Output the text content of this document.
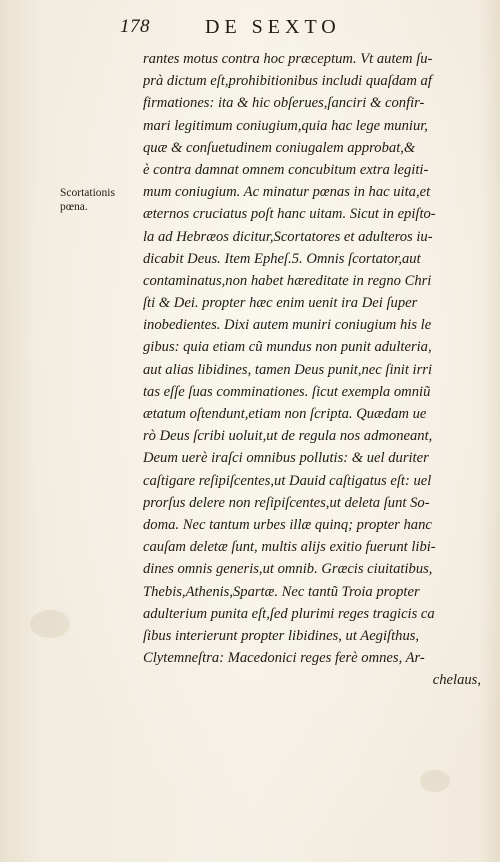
178	DE SEXTO
Scortationis
pœna.
rantes motus contra hoc præceptum. Vt autem ſu-
prà dictum eſt,prohibitionibus includi quaſdam af
firmationes: ita & hic obſerues,ſanciri & confir-
mari legitimum coniugium,quia hac lege muniur,
quæ & conſuetudinem coniugalem approbat,&
è contra damnat omnem concubitum extra legiti-
mum coniugium. Ac minatur pœnas in hac uita,et
æternos cruciatus poſt hanc uitam. Sicut in epiſto-
la ad Hebræos dicitur,Scortatores et adulteros iu-
dicabit Deus. Item Epheſ.5. Omnis ſcortator,aut
contaminatus,non habet hæreditate in regno Chri
ſti & Dei. propter hæc enim uenit ira Dei ſuper
inobedientes. Dixi autem muniri coniugium his le
gibus: quia etiam cũ mundus non punit adulteria,
aut alias libidines, tamen Deus punit,nec ſinit irri
tas eſſe ſuas comminationes. ſicut exempla omniũ
ætatum oſtendunt,etiam non ſcripta. Quædam ue
rò Deus ſcribi uoluit,ut de regula nos admoneant,
Deum uerè iraſci omnibus pollutis: & uel duriter
caſtigare reſipiſcentes,ut Dauid caſtigatus eſt: uel
prorſus delere non reſipiſcentes,ut deleta ſunt So-
doma. Nec tantum urbes illæ quinq; propter hanc
cauſam deletæ ſunt, multis alijs exitio fuerunt libi-
dines omnis generis,ut omnib. Græcis ciuitatibus,
Thebis,Athenis,Spartæ. Nec tantũ Troia propter
adulterium punita eſt,ſed plurimi reges tragicis ca
ſibus interierunt propter libidines, ut Aegiſthus,
Clytemneſtra: Macedonici reges ferè omnes, Ar-
chelaus,
